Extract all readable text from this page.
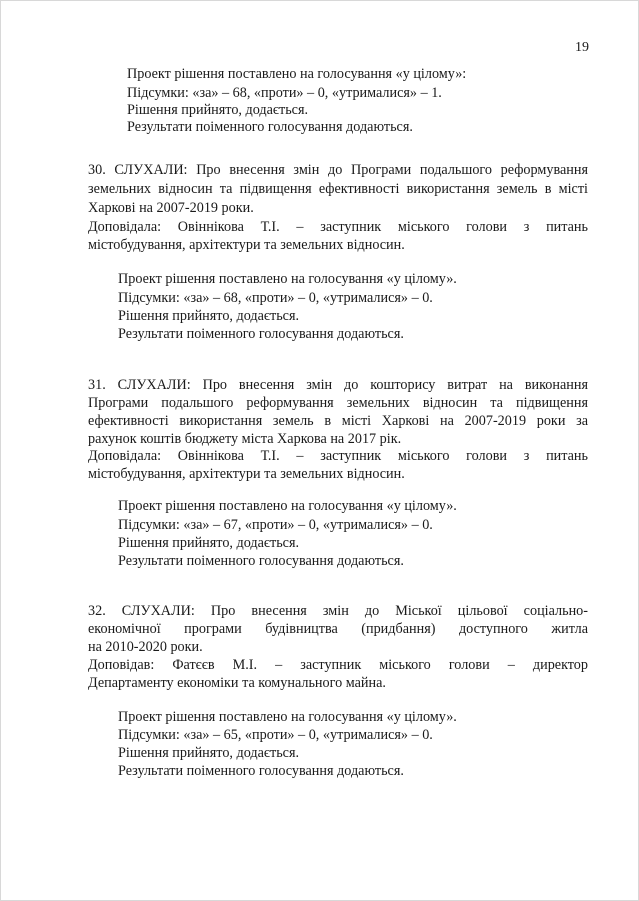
19
Проект рішення поставлено на голосування «у цілому»:
Підсумки: «за» – 68, «проти» – 0, «утрималися» – 1.
Рішення прийнято, додається.
Результати поіменного голосування додаються.
30. СЛУХАЛИ: Про внесення змін до Програми подальшого реформування
земельних відносин та підвищення ефективності використання земель в місті
Харкові на 2007-2019 роки.
Доповідала: Овіннікова Т.І. – заступник міського голови з питань
містобудування, архітектури та земельних відносин.
Проект рішення поставлено на голосування «у цілому».
Підсумки: «за» – 68, «проти» – 0, «утрималися» – 0.
Рішення прийнято, додається.
Результати поіменного голосування додаються.
31. СЛУХАЛИ: Про внесення змін до кошторису витрат на виконання
Програми подальшого реформування земельних відносин та підвищення
ефективності використання земель в місті Харкові на 2007-2019 роки за
рахунок коштів бюджету міста Харкова на 2017 рік.
Доповідала: Овіннікова Т.І. – заступник міського голови з питань
містобудування, архітектури та земельних відносин.
Проект рішення поставлено на голосування «у цілому».
Підсумки: «за» – 67, «проти» – 0, «утрималися» – 0.
Рішення прийнято, додається.
Результати поіменного голосування додаються.
32. СЛУХАЛИ: Про внесення змін до Міської цільової соціально-
економічної програми будівництва (придбання) доступного житла
на 2010-2020 роки.
Доповідав: Фатєєв М.І. – заступник міського голови – директор
Департаменту економіки та комунального майна.
Проект рішення поставлено на голосування «у цілому».
Підсумки: «за» – 65, «проти» – 0, «утрималися» – 0.
Рішення прийнято, додається.
Результати поіменного голосування додаються.
